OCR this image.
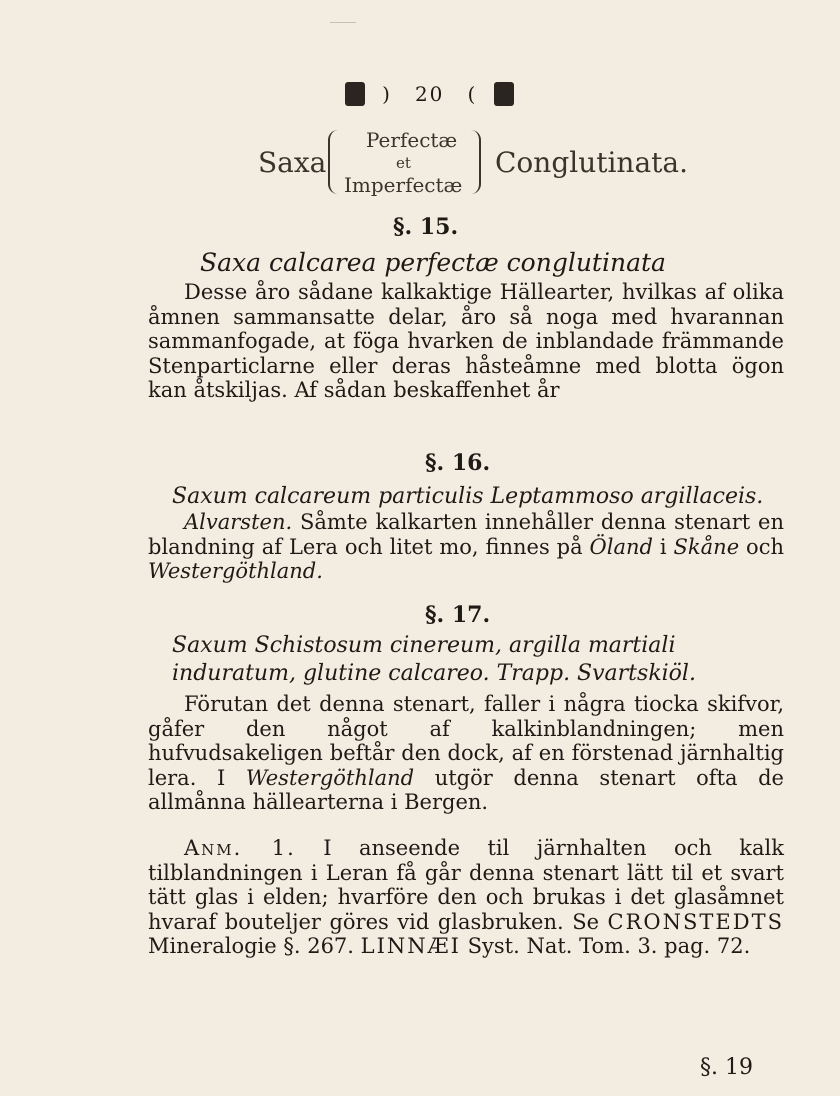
) 20 (
Saxa
Perfectæ
et
Imperfectæ
Conglutinata.
§. 15.
Saxa calcarea perfectæ conglutinata

Desse åro sådane kalkaktige Hällearter, hvilkas af olika åmnen sammansatte delar, åro så noga med hvarannan sammanfogade, at föga hvarken de inblandade främmande Stenparticlarne eller deras håsteåmne med blotta ögon kan åtskiljas. Af sådan beskaffenhet år

§. 16.
Saxum calcareum particulis Leptammoso argillaceis.

Alvarsten. Såmte kalkarten innehåller denna stenart en blandning af Lera och litet mo, finnes på Öland i Skåne och Westergöthland.

§. 17.
Saxum Schistosum cinereum, argilla martiali induratum, glutine calcareo. Trapp. Svartskiöl.

Förutan det denna stenart, faller i några tiocka skifvor, gåfer den något af kalkinblandningen; men hufvudsakeligen beftår den dock, af en förstenad järnhaltig lera. I Westergöthland utgör denna stenart ofta de allmånna hällearterna i Bergen.

Anm. 1. I anseende til järnhalten och kalk tilblandningen i Leran få går denna stenart lätt til et svart tätt glas i elden; hvarföre den och brukas i det glasåmnet hvaraf bouteljer göres vid glasbruken. Se CRONSTEDTS Mineralogie §. 267. LINNÆI Syst. Nat. Tom. 3. pag. 72.

§. 19
